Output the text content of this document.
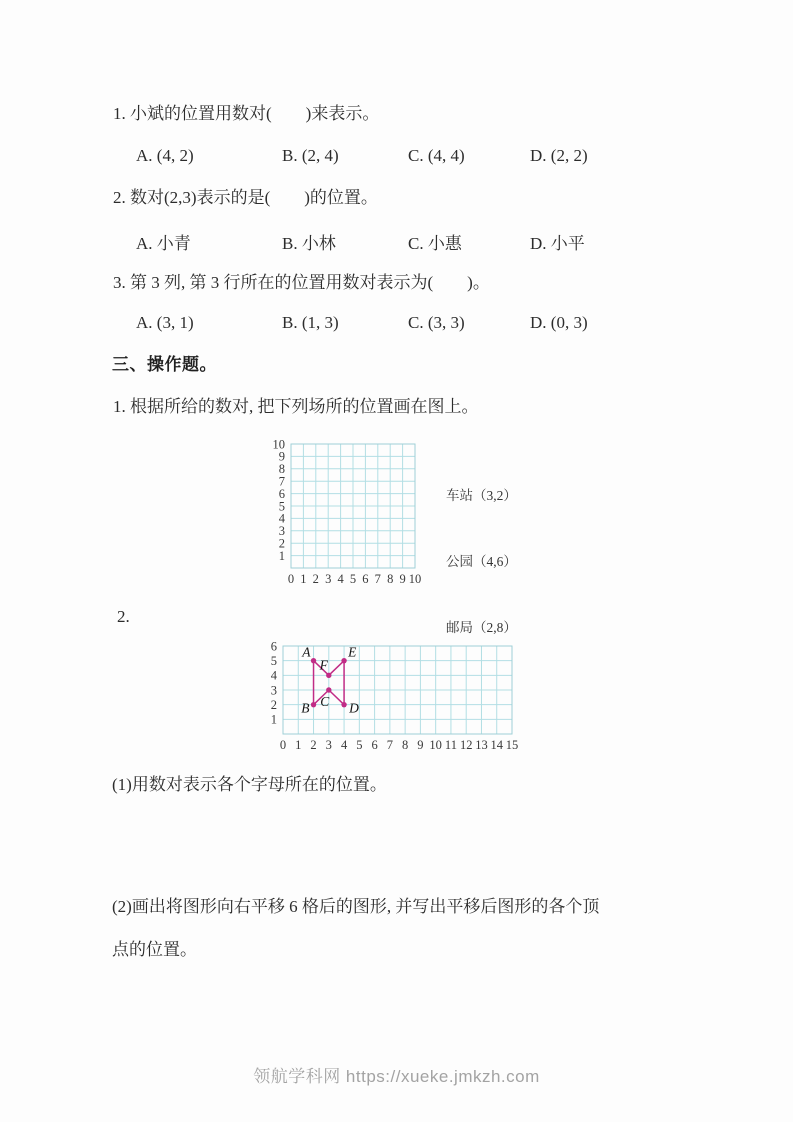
1. 小斌的位置用数对(　　)来表示。
A. (4, 2)	B. (2, 4)	C. (4, 4)	D. (2, 2)
2. 数对(2,3)表示的是(　　)的位置。
A. 小青	B. 小林	C. 小惠	D. 小平
3. 第 3 列, 第 3 行所在的位置用数对表示为(　　)。
A. (3, 1)	B. (1, 3)	C. (3, 3)	D. (0, 3)
三、操作题。
1. 根据所给的数对, 把下列场所的位置画在图上。
0 1 2 3 4 5 6 7 8 9 10
1
2
3
4
5
6
7
8
9
10

车站（3,2）

公园（4,6）

邮局（2,8）

2.
0 1 2 3 4 5 6 7 8 9 10 11 12 13 14 15
1
2
3
4
5
6 A
B C D
E
F
(1)用数对表示各个字母所在的位置。
(2)画出将图形向右平移 6 格后的图形, 并写出平移后图形的各个顶
点的位置。
领航学科网 https://xueke.jmkzh.com
